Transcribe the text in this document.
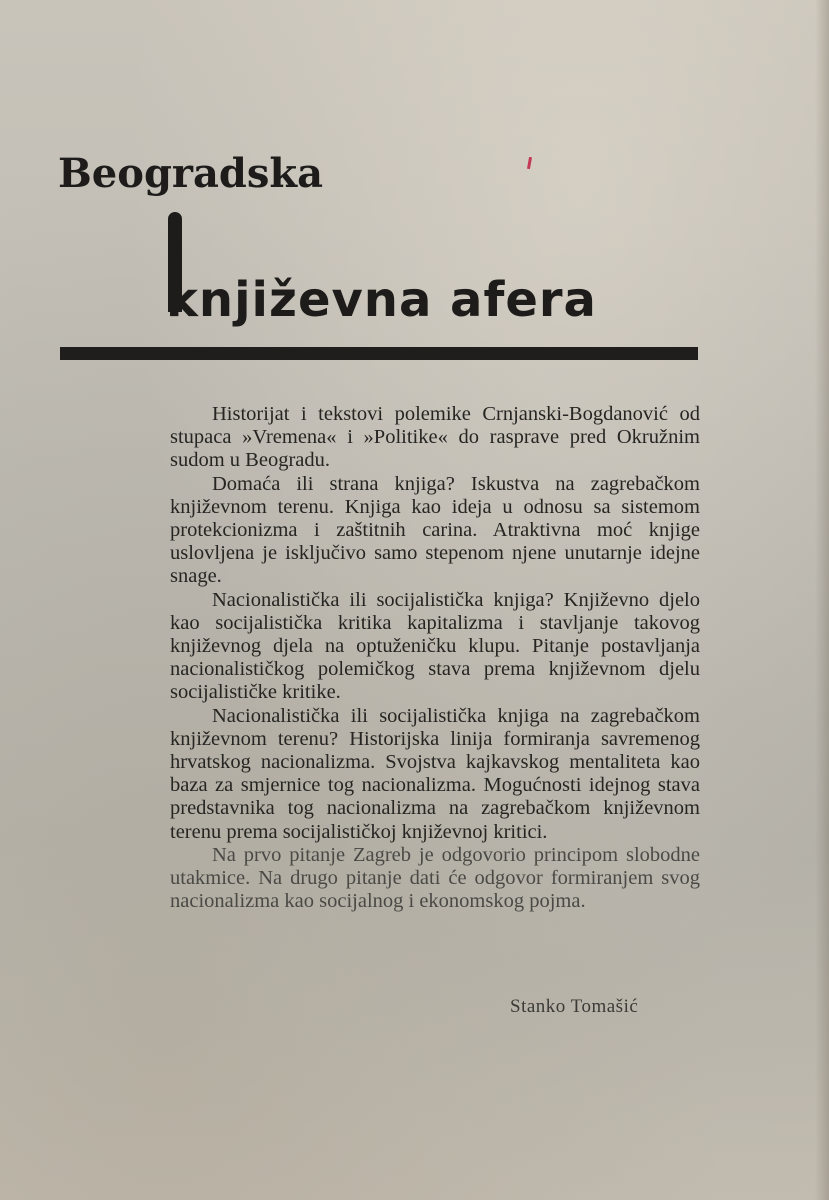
Beogradska
književna afera

Historijat i tekstovi polemike Crnjanski-Bogdanović od stupaca »Vremena« i »Politike« do rasprave pred Okružnim sudom u Beogradu.

Domaća ili strana knjiga? Iskustva na zagrebačkom književnom terenu. Knjiga kao ideja u odnosu sa sistemom protekcionizma i zaštitnih carina. Atraktivna moć knjige uslovljena je isključivo samo stepenom njene unutarnje idejne snage.

Nacionalistička ili socijalistička knjiga? Književno djelo kao socijalistička kritika kapitalizma i stavljanje takovog književnog djela na optuženičku klupu. Pitanje postavljanja nacionalističkog polemičkog stava prema književnom djelu socijalističke kritike.

Nacionalistička ili socijalistička knjiga na zagrebačkom književnom terenu? Historijska linija formiranja savremenog hrvatskog nacionalizma. Svojstva kajkavskog mentaliteta kao baza za smjernice tog nacionalizma. Mogućnosti idejnog stava predstavnika tog nacionalizma na zagrebačkom književnom terenu prema socijalističkoj književnoj kritici.

Na prvo pitanje Zagreb je odgovorio principom slobodne utakmice. Na drugo pitanje dati će odgovor formiranjem svog nacionalizma kao socijalnog i ekonomskog pojma.

Stanko Tomašić
